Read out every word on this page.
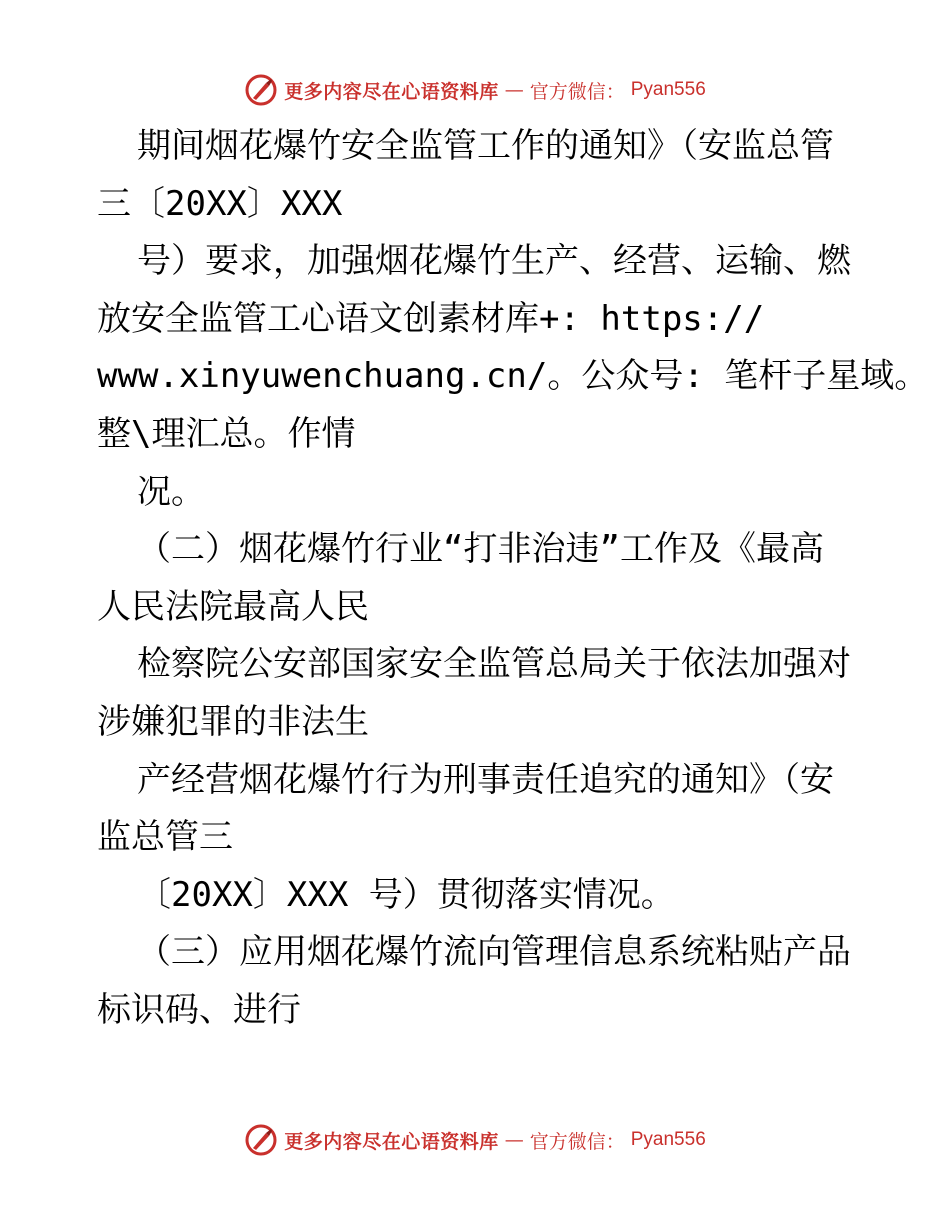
更多内容尽在心语资料库 — 官方微信： Pyan556
期间烟花爆竹安全监管工作的通知》（安监总管
三〔20XX〕XXX
号）要求，加强烟花爆竹生产、经营、运输、燃
放安全监管工心语文创素材库+: https://
www.xinyuwenchuang.cn/。公众号: 笔杆子星域。
整\理汇总。作情
况。
（二）烟花爆竹行业“打非治违”工作及《最高
人民法院最高人民
检察院公安部国家安全监管总局关于依法加强对
涉嫌犯罪的非法生
产经营烟花爆竹行为刑事责任追究的通知》（安
监总管三
〔20XX〕XXX 号）贯彻落实情况。
（三）应用烟花爆竹流向管理信息系统粘贴产品
标识码、进行
更多内容尽在心语资料库 — 官方微信： Pyan556
